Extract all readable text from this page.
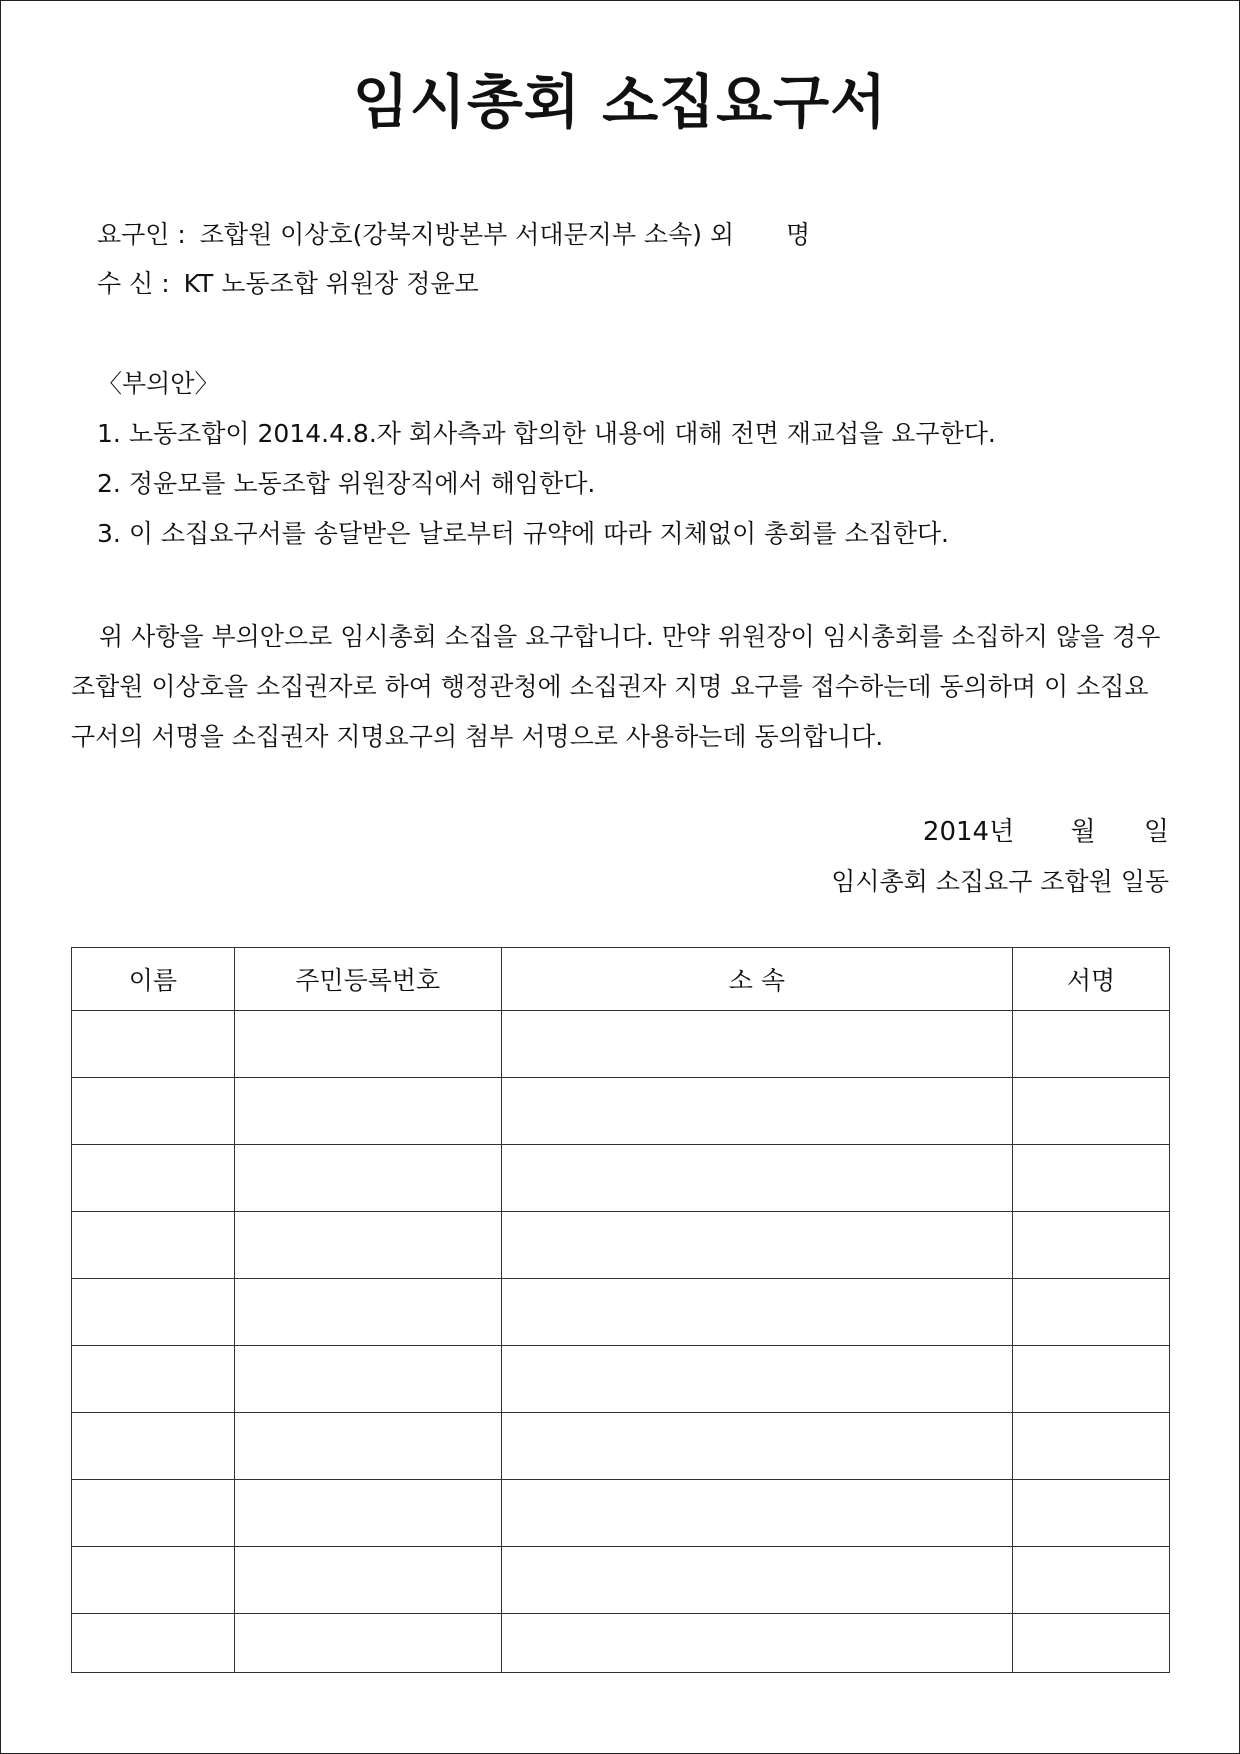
임시총회 소집요구서
요구인 : 조합원 이상호(강북지방본부 서대문지부 소속) 외 명
수 신 : KT 노동조합 위원장 정윤모
〈부의안〉
1. 노동조합이 2014.4.8.자 회사측과 합의한 내용에 대해 전면 재교섭을 요구한다.
2. 정윤모를 노동조합 위원장직에서 해임한다.
3. 이 소집요구서를 송달받은 날로부터 규약에 따라 지체없이 총회를 소집한다.
위 사항을 부의안으로 임시총회 소집을 요구합니다. 만약 위원장이 임시총회를 소집하지 않을 경우
조합원 이상호을 소집권자로 하여 행정관청에 소집권자 지명 요구를 접수하는데 동의하며 이 소집요
구서의 서명을 소집권자 지명요구의 첨부 서명으로 사용하는데 동의합니다.
2014년 월 일
임시총회 소집요구 조합원 일동
이름	주민등록번호	소 속	서명
